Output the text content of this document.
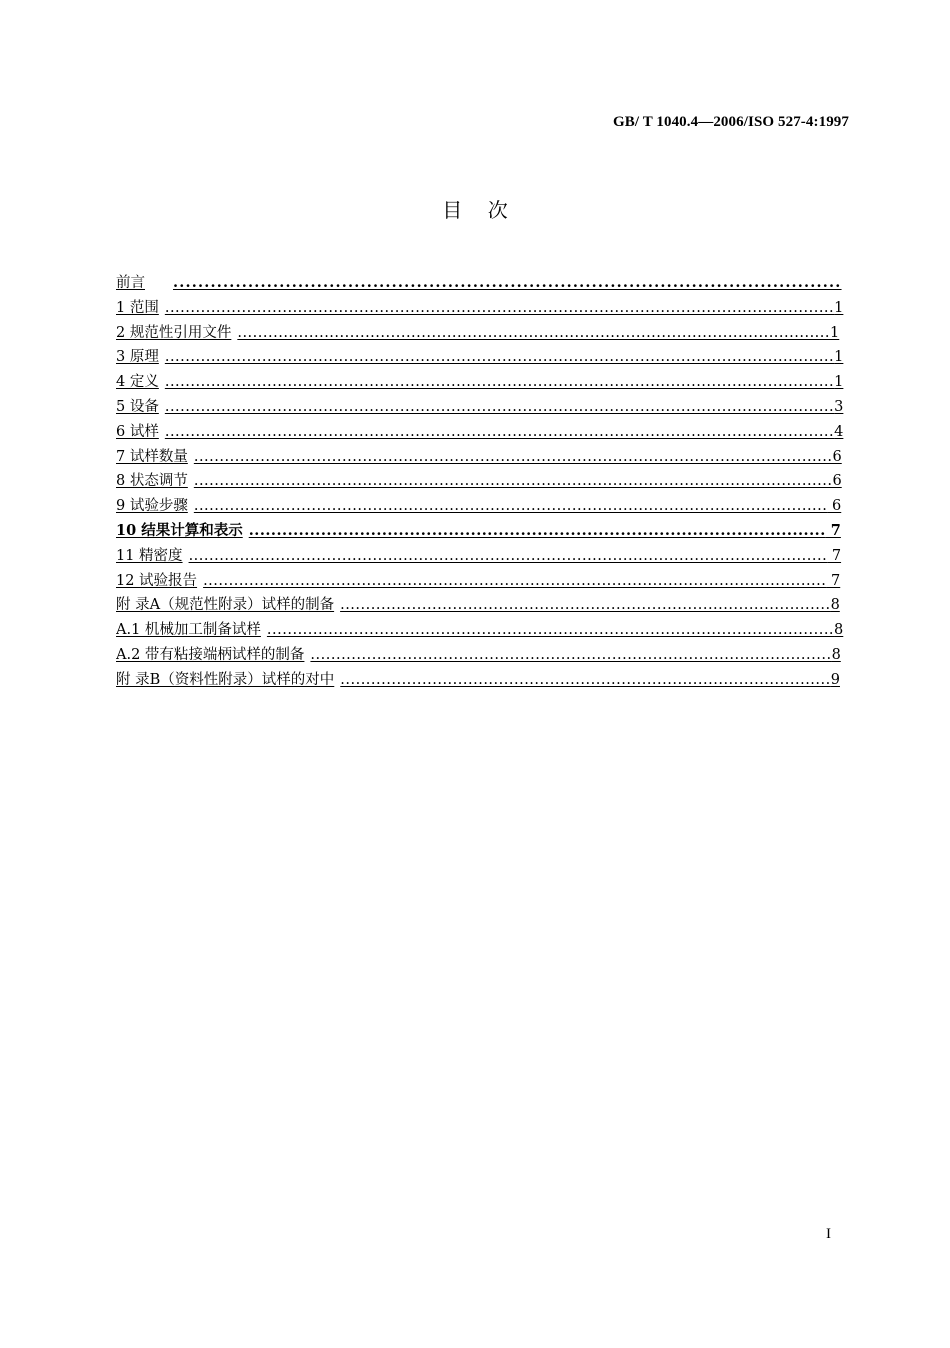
GB/ T 1040.4—2006/ISO 527-4:1997
目    次
前言 ...........................................................................................................
1 范围 ...................................................................................................................................1
2 规范性引用文件 ....................................................................................................................1
3 原理 ...................................................................................................................................1
4 定义 ...................................................................................................................................1
5 设备 ...................................................................................................................................3
6 试样 ...................................................................................................................................4
7 试样数量 .............................................................................................................................6
8 状态调节 .............................................................................................................................6
9 试验步骤 ............................................................................................................................ 6
10 结果计算和表示 ........................................................................................................ 7
11 精密度 ............................................................................................................................. 7
12 试验报告 .......................................................................................................................... 7
附 录A（规范性附录）试样的制备 ................................................................................................8
A.1 机械加工制备试样 ...............................................................................................................8
A.2 带有粘接端柄试样的制备 ......................................................................................................8
附 录B（资料性附录）试样的对中 ................................................................................................9
I
